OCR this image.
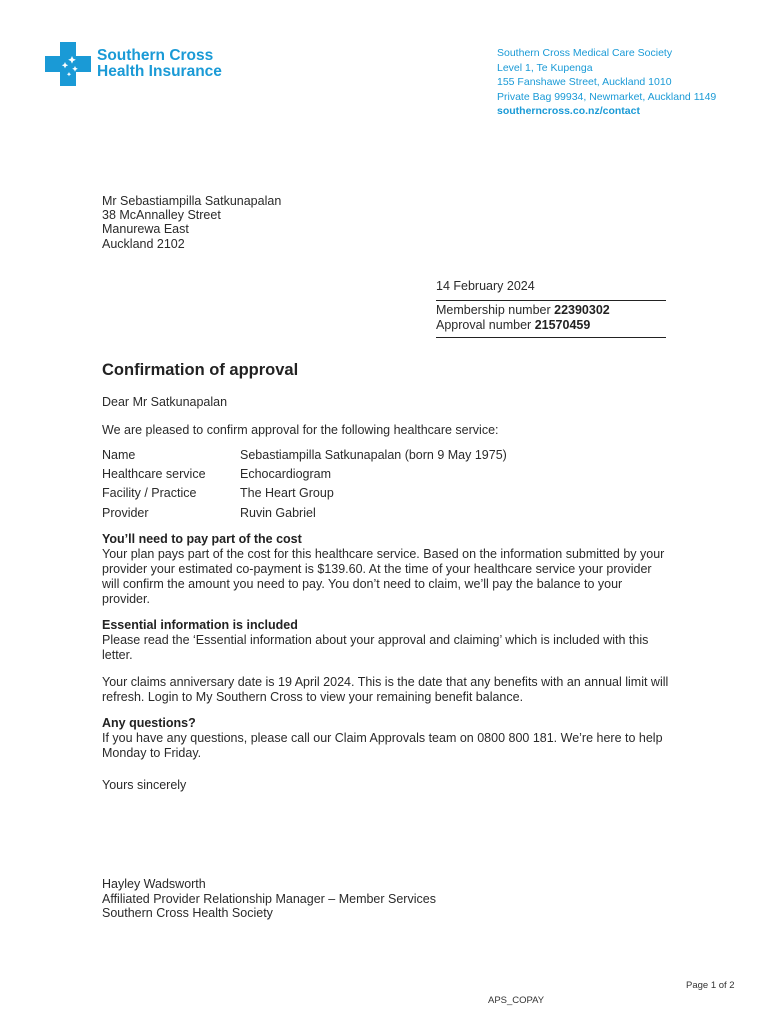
Southern Cross
Health Insurance
Southern Cross Medical Care Society
Level 1, Te Kupenga
155 Fanshawe Street, Auckland 1010
Private Bag 99934, Newmarket, Auckland 1149
southerncross.co.nz/contact
Mr Sebastiampilla Satkunapalan
38 McAnnalley Street
Manurewa East
Auckland 2102
14 February 2024
Membership number 22390302
Approval number 21570459
Confirmation of approval
Dear Mr Satkunapalan
We are pleased to confirm approval for the following healthcare service:
Name	Sebastiampilla Satkunapalan (born 9 May 1975)
Healthcare service	Echocardiogram
Facility / Practice	The Heart Group
Provider	Ruvin Gabriel
You’ll need to pay part of the cost
Your plan pays part of the cost for this healthcare service. Based on the information submitted by your provider your estimated co-payment is $139.60. At the time of your healthcare service your provider will confirm the amount you need to pay. You don’t need to claim, we’ll pay the balance to your provider.
Essential information is included
Please read the ‘Essential information about your approval and claiming’ which is included with this letter.
Your claims anniversary date is 19 April 2024. This is the date that any benefits with an annual limit will refresh. Login to My Southern Cross to view your remaining benefit balance.
Any questions?
If you have any questions, please call our Claim Approvals team on 0800 800 181. We’re here to help Monday to Friday.
Yours sincerely
Hayley Wadsworth
Affiliated Provider Relationship Manager – Member Services
Southern Cross Health Society
Page 1 of 2
APS_COPAY
